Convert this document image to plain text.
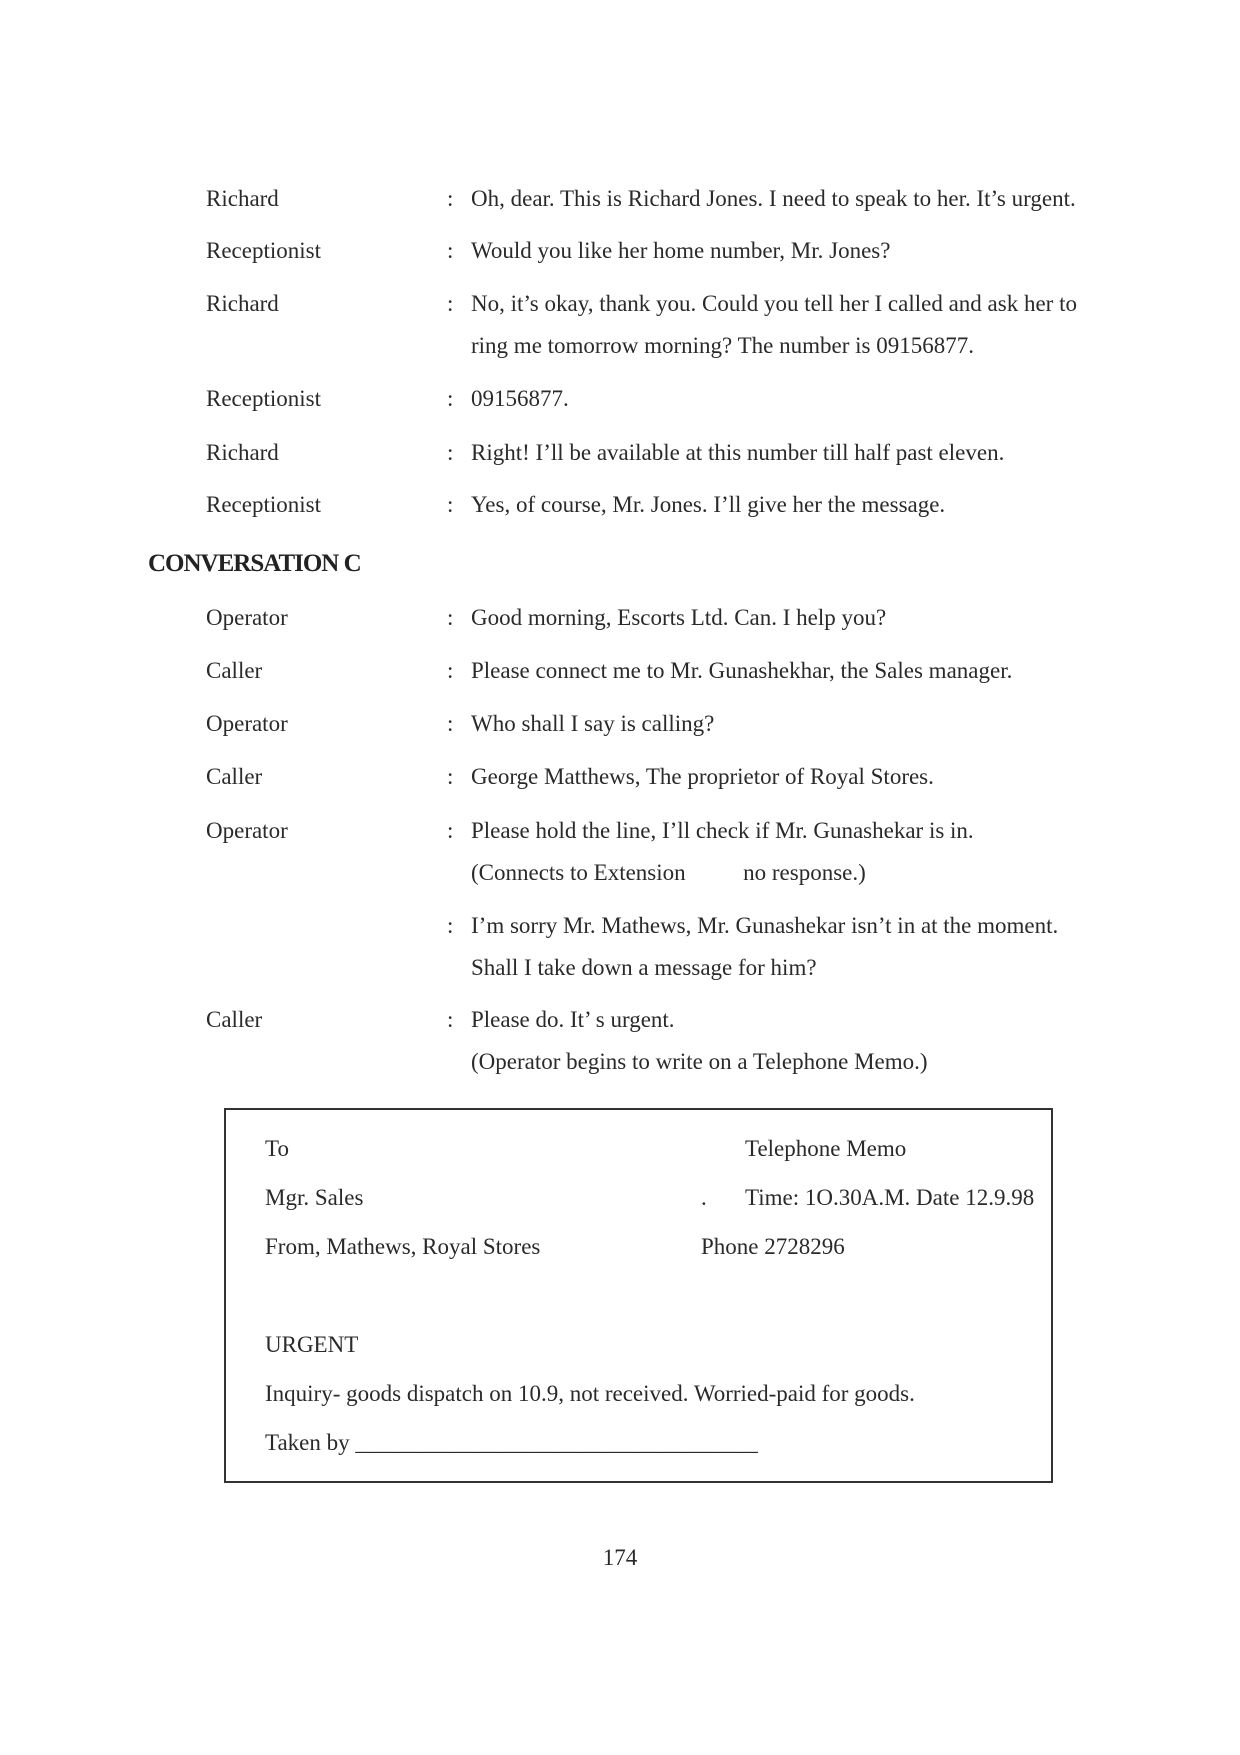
Richard	: Oh, dear. This is Richard Jones. I need to speak to her. It’s urgent.
Receptionist	: Would you like her home number, Mr. Jones?
Richard	: No, it’s okay, thank you. Could you tell her I called and ask her to
ring me tomorrow morning? The number is 09156877.
Receptionist	: 09156877.
Richard	: Right! I’ll be available at this number till half past eleven.
Receptionist	: Yes, of course, Mr. Jones. I’ll give her the message.
CONVERSATION C
Operator	: Good morning, Escorts Ltd. Can. I help you?
Caller	: Please connect me to Mr. Gunashekhar, the Sales manager.
Operator	: Who shall I say is calling?
Caller	: George Matthews, The proprietor of Royal Stores.
Operator	: Please hold the line, I’ll check if Mr. Gunashekar is in.
(Connects to Extension          no response.)
: I’m sorry Mr. Mathews, Mr. Gunashekar isn’t in at the moment.
Shall I take down a message for him?
Caller	: Please do. It’ s urgent.
(Operator begins to write on a Telephone Memo.)
To	Telephone Memo
Mgr. Sales	. Time: 1O.30A.M. Date 12.9.98
From, Mathews, Royal Stores	Phone 2728296
URGENT
Inquiry- goods dispatch on 10.9, not received. Worried-paid for goods.
Taken by ___________________________________
174
